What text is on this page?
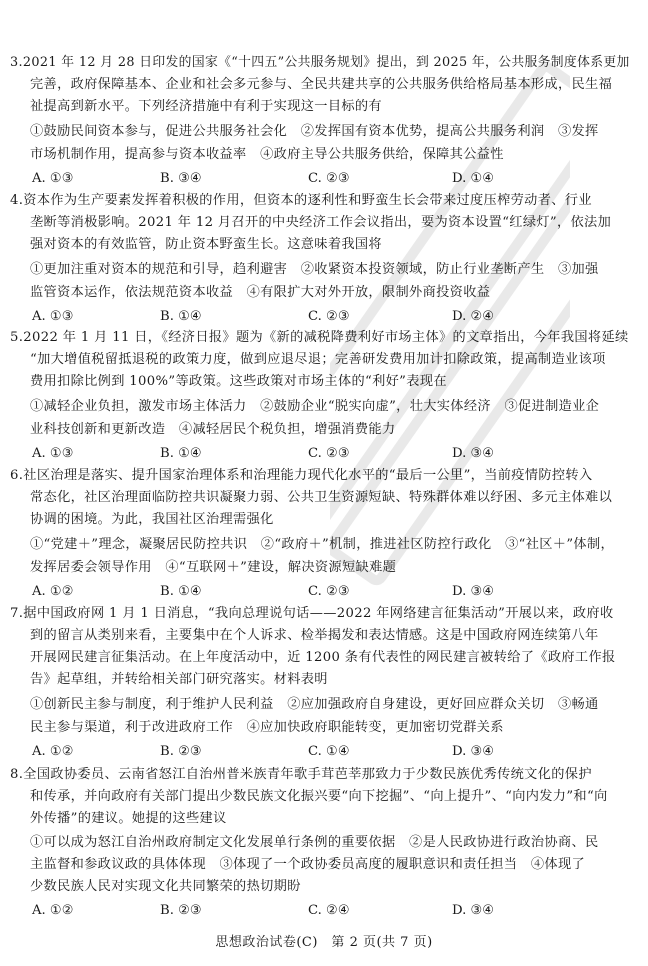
3.2021 年 12 月 28 日印发的国家《“十四五”公共服务规划》提出，到 2025 年，公共服务制度体系更加
完善，政府保障基本、企业和社会多元参与、全民共建共享的公共服务供给格局基本形成，民生福
祉提高到新水平。下列经济措施中有利于实现这一目标的有
①鼓励民间资本参与，促进公共服务社会化　②发挥国有资本优势，提高公共服务利润　③发挥
市场机制作用，提高参与资本收益率　④政府主导公共服务供给，保障其公益性
A. ①③	B. ③④	C. ②③	D. ①④
4.资本作为生产要素发挥着积极的作用，但资本的逐利性和野蛮生长会带来过度压榨劳动者、行业
垄断等消极影响。2021 年 12 月召开的中央经济工作会议指出，要为资本设置“红绿灯”，依法加
强对资本的有效监管，防止资本野蛮生长。这意味着我国将
①更加注重对资本的规范和引导，趋利避害　②收紧资本投资领域，防止行业垄断产生　③加强
监管资本运作，依法规范资本收益　④有限扩大对外开放，限制外商投资收益
A. ①③	B. ①④	C. ②③	D. ②④
5.2022 年 1 月 11 日，《经济日报》题为《新的减税降费利好市场主体》的文章指出，今年我国将延续
“加大增值税留抵退税的政策力度，做到应退尽退；完善研发费用加计扣除政策，提高制造业该项
费用扣除比例到 100%”等政策。这些政策对市场主体的“利好”表现在
①减轻企业负担，激发市场主体活力　②鼓励企业“脱实向虚”，壮大实体经济　③促进制造业企
业科技创新和更新改造　④减轻居民个税负担，增强消费能力
A. ①③	B. ①④	C. ②③	D. ③④
6.社区治理是落实、提升国家治理体系和治理能力现代化水平的“最后一公里”，当前疫情防控转入
常态化，社区治理面临防控共识凝聚力弱、公共卫生资源短缺、特殊群体难以纾困、多元主体难以
协调的困境。为此，我国社区治理需强化
①“党建＋”理念，凝聚居民防控共识　②“政府＋”机制，推进社区防控行政化　③“社区＋”体制，
发挥居委会领导作用　④“互联网＋”建设，解决资源短缺难题
A. ①②	B. ①④	C. ②③	D. ③④
7.据中国政府网 1 月 1 日消息，“我向总理说句话——2022 年网络建言征集活动”开展以来，政府收
到的留言从类别来看，主要集中在个人诉求、检举揭发和表达情感。这是中国政府网连续第八年
开展网民建言征集活动。在上年度活动中，近 1200 条有代表性的网民建言被转给了《政府工作报
告》起草组，并转给相关部门研究落实。材料表明
①创新民主参与制度，利于维护人民利益　②应加强政府自身建设，更好回应群众关切　③畅通
民主参与渠道，利于改进政府工作　④应加快政府职能转变，更加密切党群关系
A. ①②	B. ②③	C. ①④	D. ③④
8.全国政协委员、云南省怒江自治州普米族青年歌手茸芭莘那致力于少数民族优秀传统文化的保护
和传承，并向政府有关部门提出少数民族文化振兴要“向下挖掘”、“向上提升”、“向内发力”和“向
外传播”的建议。她提的这些建议
①可以成为怒江自治州政府制定文化发展单行条例的重要依据　②是人民政协进行政治协商、民
主监督和参政议政的具体体现　③体现了一个政协委员高度的履职意识和责任担当　④体现了
少数民族人民对实现文化共同繁荣的热切期盼
A. ①②	B. ②③	C. ②④	D. ③④
思想政治试卷(C)　第 2 页(共 7 页)
